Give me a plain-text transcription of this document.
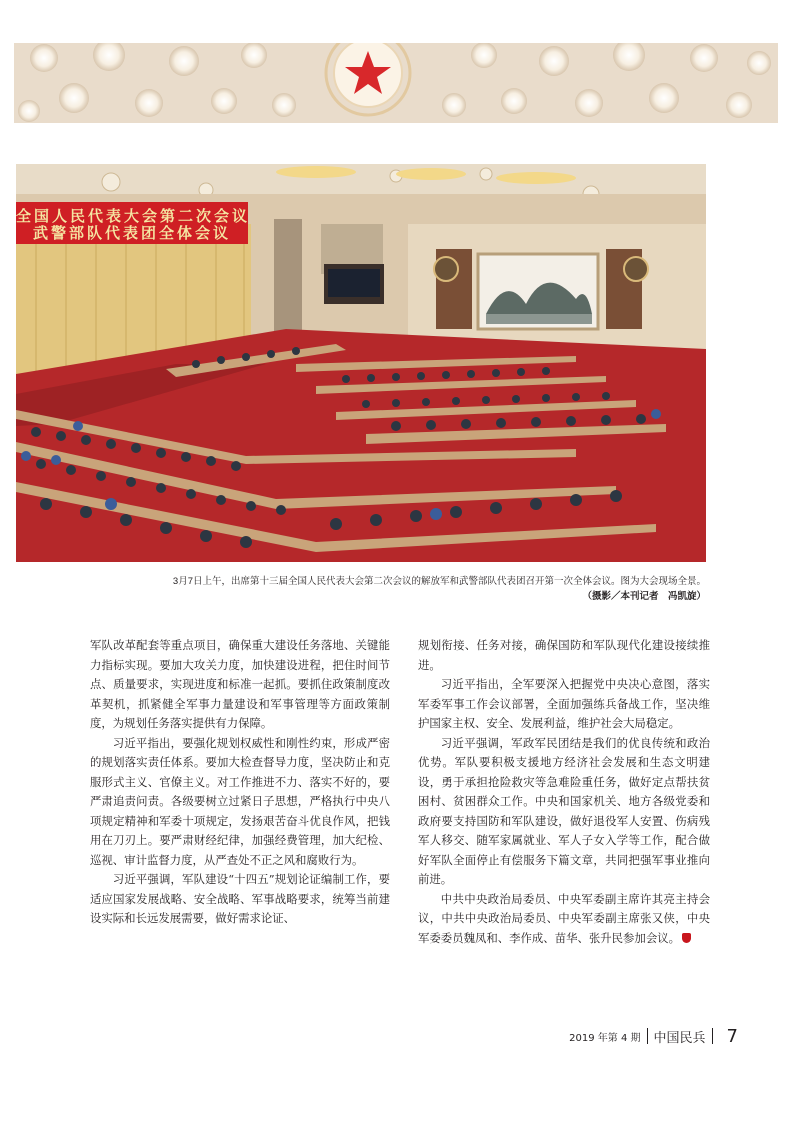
全国人民代表大会第二次会议
武警部队代表团全体会议
3月7日上午，出席第十三届全国人民代表大会第二次会议的解放军和武警部队代表团召开第一次全体会议。图为大会现场全景。
（摄影／本刊记者　冯凯旋）

军队改革配套等重点项目，确保重大建设任务落地、关键能力指标实现。要加大攻关力度，加快建设进程，把住时间节点、质量要求，实现进度和标准一起抓。要抓住政策制度改革契机，抓紧健全军事力量建设和军事管理等方面政策制度，为规划任务落实提供有力保障。

习近平指出，要强化规划权威性和刚性约束，形成严密的规划落实责任体系。要加大检查督导力度，坚决防止和克服形式主义、官僚主义。对工作推进不力、落实不好的，要严肃追责问责。各级要树立过紧日子思想，严格执行中央八项规定精神和军委十项规定，发扬艰苦奋斗优良作风，把钱用在刀刃上。要严肃财经纪律，加强经费管理，加大纪检、巡视、审计监督力度，从严查处不正之风和腐败行为。

习近平强调，军队建设“十四五”规划论证编制工作，要适应国家发展战略、安全战略、军事战略要求，统筹当前建设实际和长远发展需要，做好需求论证、

规划衔接、任务对接，确保国防和军队现代化建设接续推进。

习近平指出，全军要深入把握党中央决心意图，落实军委军事工作会议部署，全面加强练兵备战工作，坚决维护国家主权、安全、发展利益，维护社会大局稳定。

习近平强调，军政军民团结是我们的优良传统和政治优势。军队要积极支援地方经济社会发展和生态文明建设，勇于承担抢险救灾等急难险重任务，做好定点帮扶贫困村、贫困群众工作。中央和国家机关、地方各级党委和政府要支持国防和军队建设，做好退役军人安置、伤病残军人移交、随军家属就业、军人子女入学等工作，配合做好军队全面停止有偿服务下篇文章，共同把强军事业推向前进。

中共中央政治局委员、中央军委副主席许其亮主持会议，中共中央政治局委员、中央军委副主席张又侠，中央军委委员魏凤和、李作成、苗华、张升民参加会议。

2019 年第 4 期 中国民兵 7
